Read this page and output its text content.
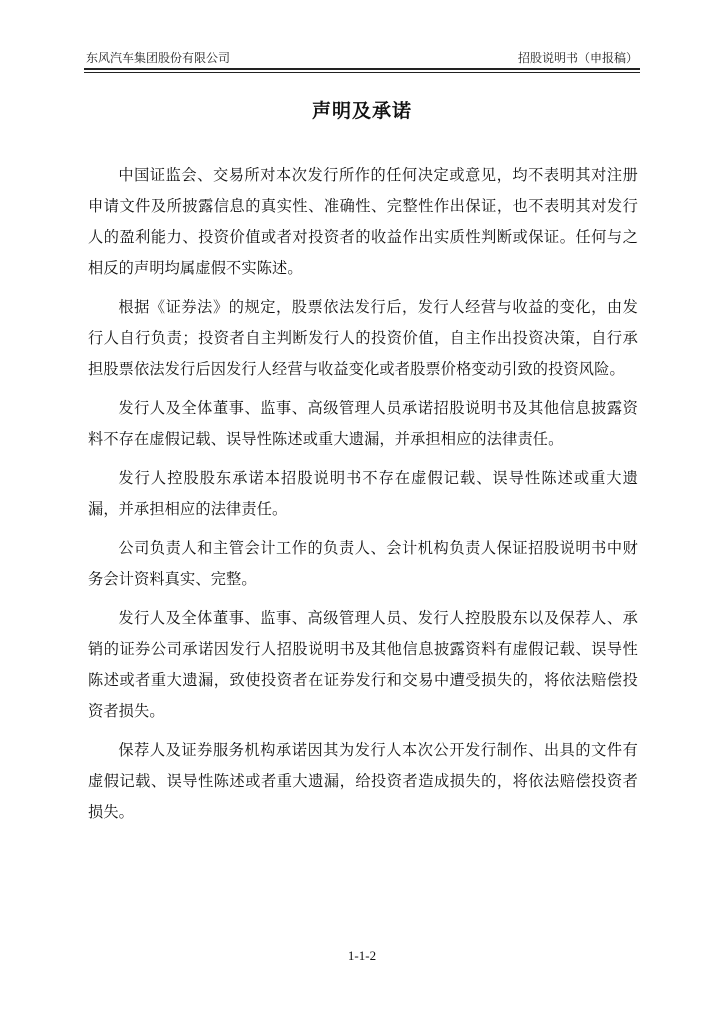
东风汽车集团股份有限公司	招股说明书（申报稿）
声明及承诺

中国证监会、交易所对本次发行所作的任何决定或意见，均不表明其对注册申请文件及所披露信息的真实性、准确性、完整性作出保证，也不表明其对发行人的盈利能力、投资价值或者对投资者的收益作出实质性判断或保证。任何与之相反的声明均属虚假不实陈述。

根据《证券法》的规定，股票依法发行后，发行人经营与收益的变化，由发行人自行负责；投资者自主判断发行人的投资价值，自主作出投资决策，自行承担股票依法发行后因发行人经营与收益变化或者股票价格变动引致的投资风险。

发行人及全体董事、监事、高级管理人员承诺招股说明书及其他信息披露资料不存在虚假记载、误导性陈述或重大遗漏，并承担相应的法律责任。

发行人控股股东承诺本招股说明书不存在虚假记载、误导性陈述或重大遗漏，并承担相应的法律责任。

公司负责人和主管会计工作的负责人、会计机构负责人保证招股说明书中财务会计资料真实、完整。

发行人及全体董事、监事、高级管理人员、发行人控股股东以及保荐人、承销的证券公司承诺因发行人招股说明书及其他信息披露资料有虚假记载、误导性陈述或者重大遗漏，致使投资者在证券发行和交易中遭受损失的，将依法赔偿投资者损失。

保荐人及证券服务机构承诺因其为发行人本次公开发行制作、出具的文件有虚假记载、误导性陈述或者重大遗漏，给投资者造成损失的，将依法赔偿投资者损失。

1-1-2
